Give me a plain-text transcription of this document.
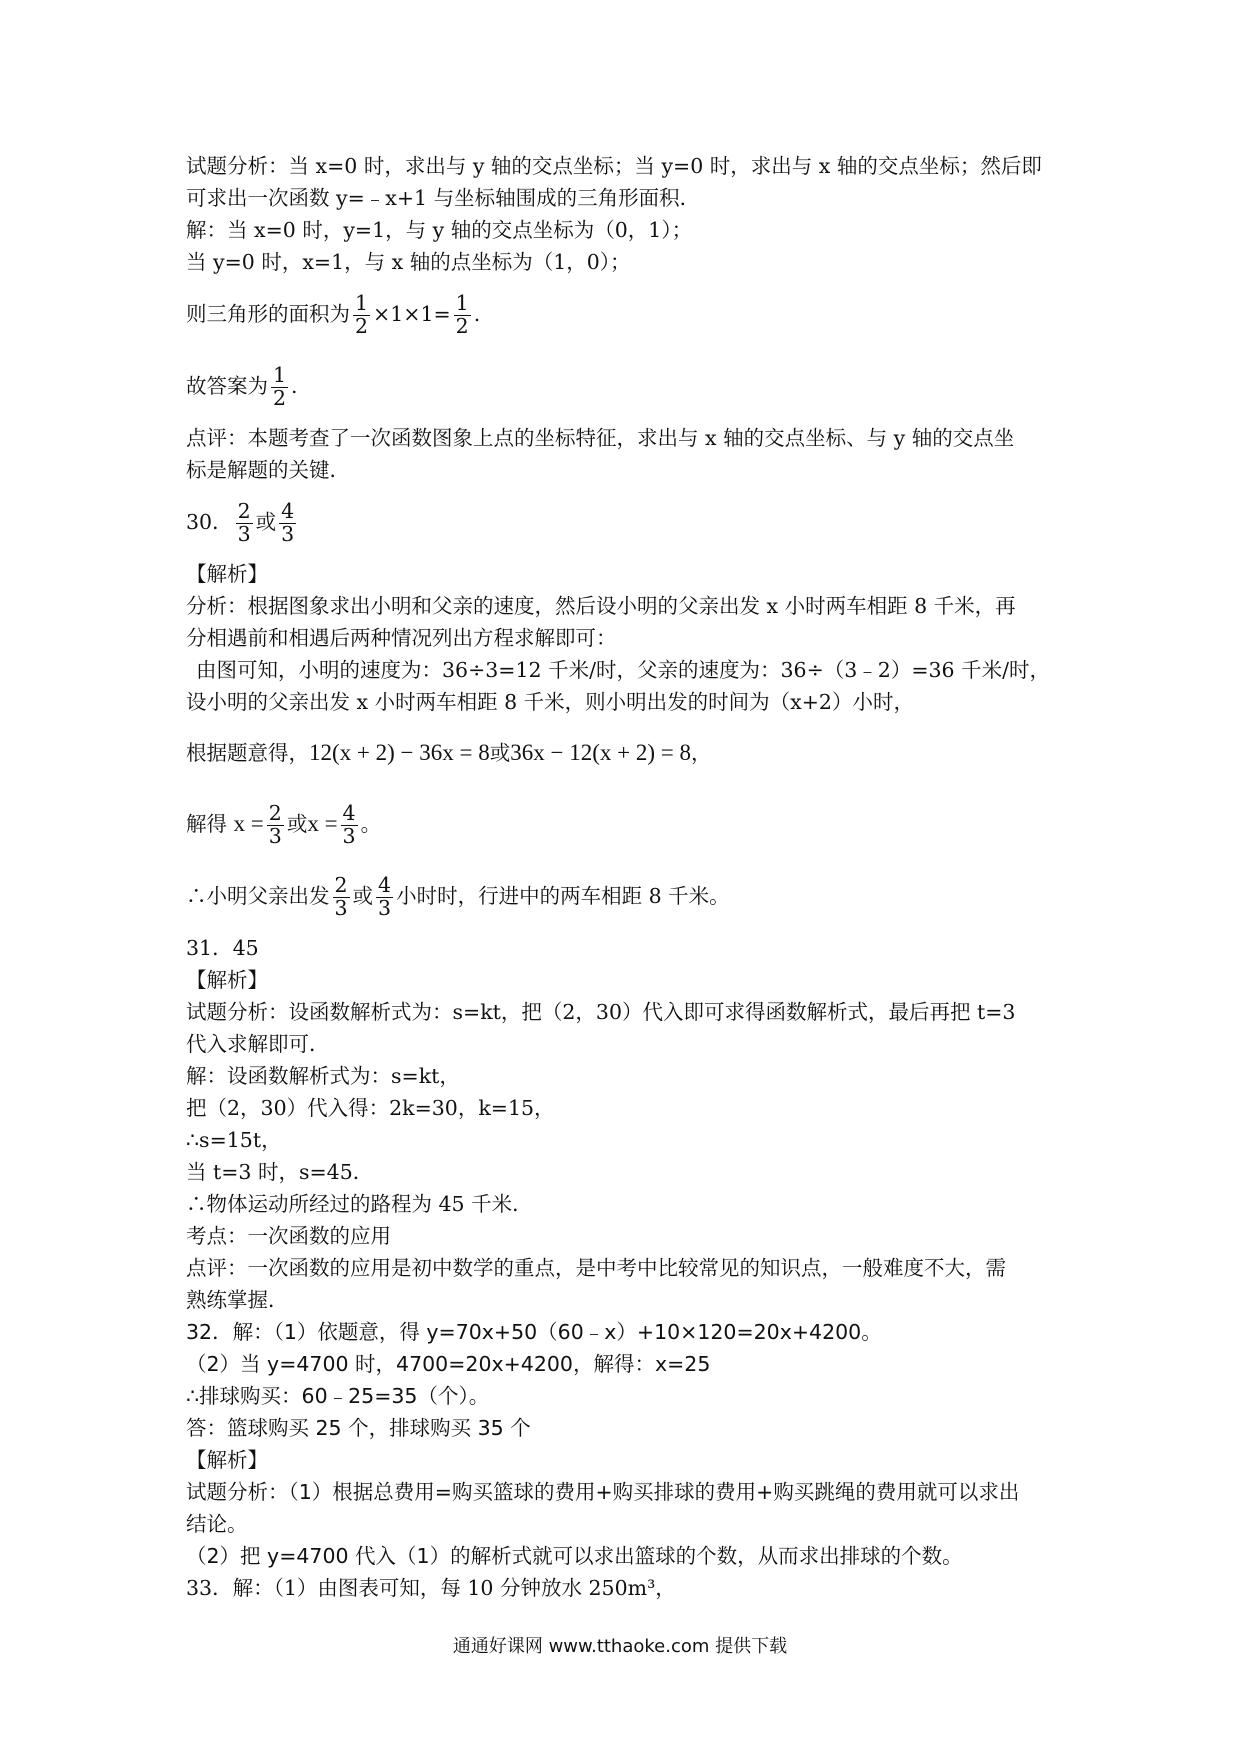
试题分析：当 x=0 时，求出与 y 轴的交点坐标；当 y=0 时，求出与 x 轴的交点坐标；然后即
可求出一次函数 y=﹣x+1 与坐标轴围成的三角形面积．
解：当 x=0 时，y=1，与 y 轴的交点坐标为（0，1）；
当 y=0 时，x=1，与 x 轴的点坐标为（1，0）；
则三角形的面积为 $\frac{1}{2} \times 1\times 1= \frac{1}{2}$ .
故答案为 $\frac{1}{2}$ .
点评：本题考查了一次函数图象上点的坐标特征，求出与 x 轴的交点坐标、与 y 轴的交点坐
标是解题的关键．
30． $\frac{2}{3}$ 或 $\frac{4}{3}$
【解析】
分析：根据图象求出小明和父亲的速度，然后设小明的父亲出发 x 小时两车相距 8 千米，再
分相遇前和相遇后两种情况列出方程求解即可：
由图可知，小明的速度为：36÷3=12 千米/时，父亲的速度为：36÷（3﹣2）=36 千米/时，
设小明的父亲出发 x 小时两车相距 8 千米，则小明出发的时间为（x+2）小时，
根据题意得，12(x + 2) − 36x = 8或36x − 12(x + 2) = 8，
解得 $x = \frac{2}{3}$ 或$x = \frac{4}{3}$ 。
∴小明父亲出发 $\frac{2}{3}$ 或 $\frac{4}{3}$ 小时时，行进中的两车相距 8 千米。
31．45
【解析】
试题分析：设函数解析式为：s=kt，把（2，30）代入即可求得函数解析式，最后再把 t=3
代入求解即可．
解：设函数解析式为：s=kt，
把（2，30）代入得：2k=30，k=15，
∴s=15t，
当 t=3 时，s=45．
∴物体运动所经过的路程为 45 千米．
考点：一次函数的应用
点评：一次函数的应用是初中数学的重点，是中考中比较常见的知识点，一般难度不大，需
熟练掌握．
32．解：（1）依题意，得 y=70x+50（60﹣x）+10×120=20x+4200。
（2）当 y=4700 时，4700=20x+4200，解得：x=25
∴排球购买：60﹣25=35（个）。
答：篮球购买 25 个，排球购买 35 个
【解析】
试题分析：（1）根据总费用=购买篮球的费用+购买排球的费用+购买跳绳的费用就可以求出
结论。
（2）把 y=4700 代入（1）的解析式就可以求出篮球的个数，从而求出排球的个数。
33．解：（1）由图表可知，每 10 分钟放水 250m³，
通通好课网 www.tthaoke.com 提供下载
